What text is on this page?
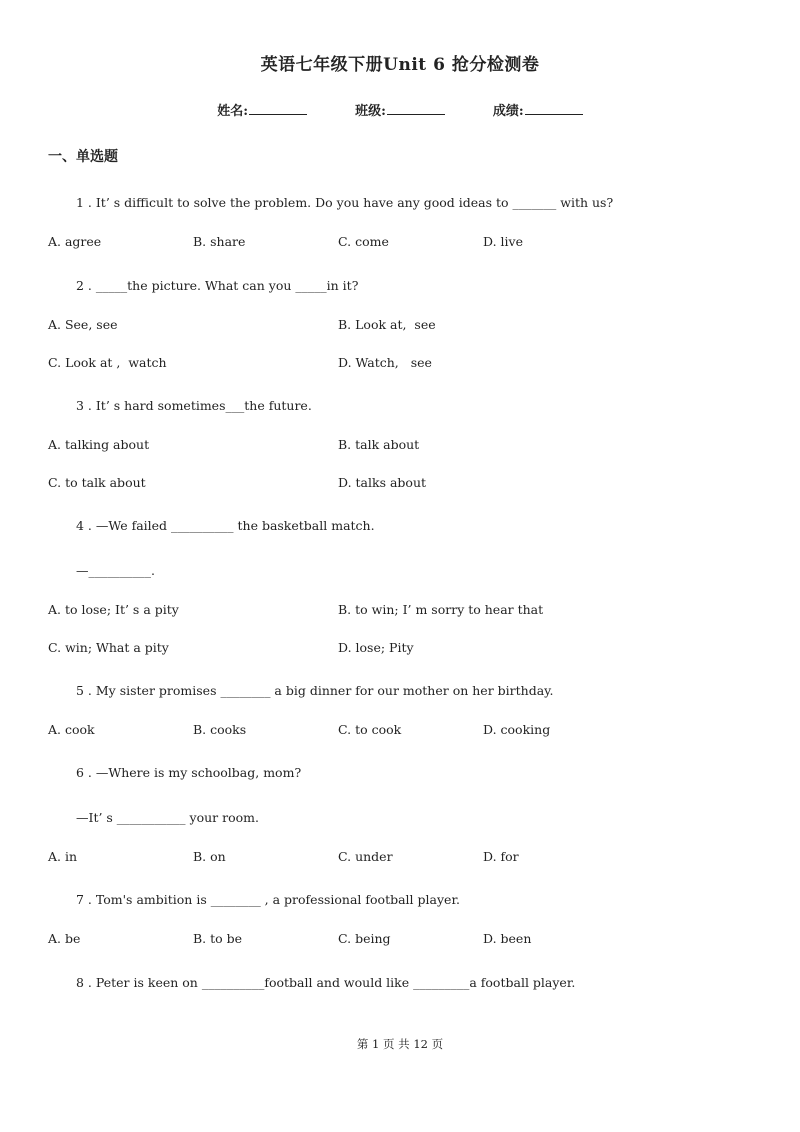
英语七年级下册Unit 6 抢分检测卷
姓名:	班级:	成绩:
一、单选题
1 . It’ s difficult to solve the problem. Do you have any good ideas to _______ with us?
A. agree	B. share	C. come	D. live
2 . _____the picture. What can you _____in it?
A. See, see	B. Look at,  see
C. Look at ,  watch	D. Watch,   see
3 . It’ s hard sometimes___the future.
A. talking about	B. talk about
C. to talk about	D. talks about
4 . —We failed __________ the basketball match.
—__________.
A. to lose; It’ s a pity	B. to win; I’ m sorry to hear that
C. win; What a pity	D. lose; Pity
5 . My sister promises ________ a big dinner for our mother on her birthday.
A. cook	B. cooks	C. to cook	D. cooking
6 . —Where is my schoolbag, mom?
—It’ s ___________ your room.
A. in	B. on	C. under	D. for
7 . Tom's ambition is ________ , a professional football player.
A. be	B. to be	C. being	D. been
8 . Peter is keen on __________football and would like _________a football player.
第 1 页 共 12 页
